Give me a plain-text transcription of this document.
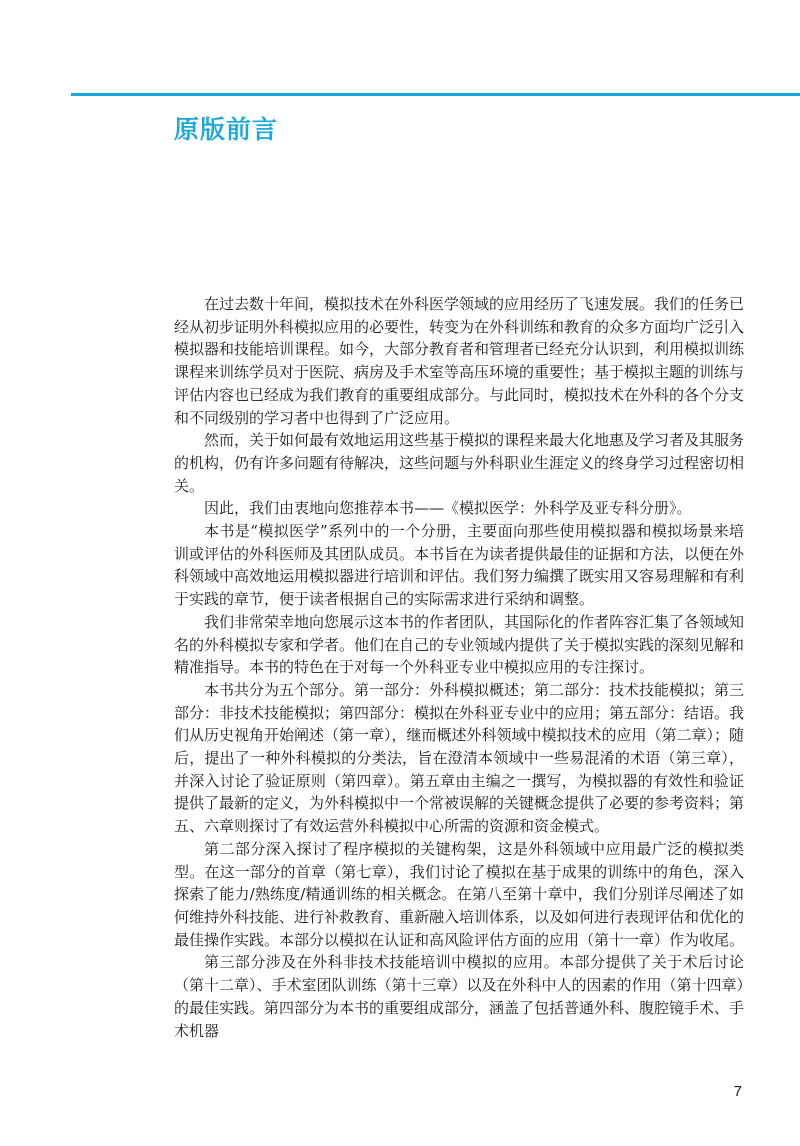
原版前言

在过去数十年间，模拟技术在外科医学领域的应用经历了飞速发展。我们的任务已经从初步证明外科模拟应用的必要性，转变为在外科训练和教育的众多方面均广泛引入模拟器和技能培训课程。如今，大部分教育者和管理者已经充分认识到，利用模拟训练课程来训练学员对于医院、病房及手术室等高压环境的重要性；基于模拟主题的训练与评估内容也已经成为我们教育的重要组成部分。与此同时，模拟技术在外科的各个分支和不同级别的学习者中也得到了广泛应用。

然而，关于如何最有效地运用这些基于模拟的课程来最大化地惠及学习者及其服务的机构，仍有许多问题有待解决，这些问题与外科职业生涯定义的终身学习过程密切相关。

因此，我们由衷地向您推荐本书——《模拟医学：外科学及亚专科分册》。

本书是“模拟医学”系列中的一个分册，主要面向那些使用模拟器和模拟场景来培训或评估的外科医师及其团队成员。本书旨在为读者提供最佳的证据和方法，以便在外科领域中高效地运用模拟器进行培训和评估。我们努力编撰了既实用又容易理解和有利于实践的章节，便于读者根据自己的实际需求进行采纳和调整。

我们非常荣幸地向您展示这本书的作者团队，其国际化的作者阵容汇集了各领域知名的外科模拟专家和学者。他们在自己的专业领域内提供了关于模拟实践的深刻见解和精准指导。本书的特色在于对每一个外科亚专业中模拟应用的专注探讨。

本书共分为五个部分。第一部分：外科模拟概述；第二部分：技术技能模拟；第三部分：非技术技能模拟；第四部分：模拟在外科亚专业中的应用；第五部分：结语。我们从历史视角开始阐述（第一章），继而概述外科领域中模拟技术的应用（第二章）；随后，提出了一种外科模拟的分类法，旨在澄清本领域中一些易混淆的术语（第三章），并深入讨论了验证原则（第四章）。第五章由主编之一撰写，为模拟器的有效性和验证提供了最新的定义，为外科模拟中一个常被误解的关键概念提供了必要的参考资料；第五、六章则探讨了有效运营外科模拟中心所需的资源和资金模式。

第二部分深入探讨了程序模拟的关键构架，这是外科领域中应用最广泛的模拟类型。在这一部分的首章（第七章），我们讨论了模拟在基于成果的训练中的角色，深入探索了能力/熟练度/精通训练的相关概念。在第八至第十章中，我们分别详尽阐述了如何维持外科技能、进行补救教育、重新融入培训体系，以及如何进行表现评估和优化的最佳操作实践。本部分以模拟在认证和高风险评估方面的应用（第十一章）作为收尾。

第三部分涉及在外科非技术技能培训中模拟的应用。本部分提供了关于术后讨论（第十二章）、手术室团队训练（第十三章）以及在外科中人的因素的作用（第十四章）的最佳实践。第四部分为本书的重要组成部分，涵盖了包括普通外科、腹腔镜手术、手术机器

7
